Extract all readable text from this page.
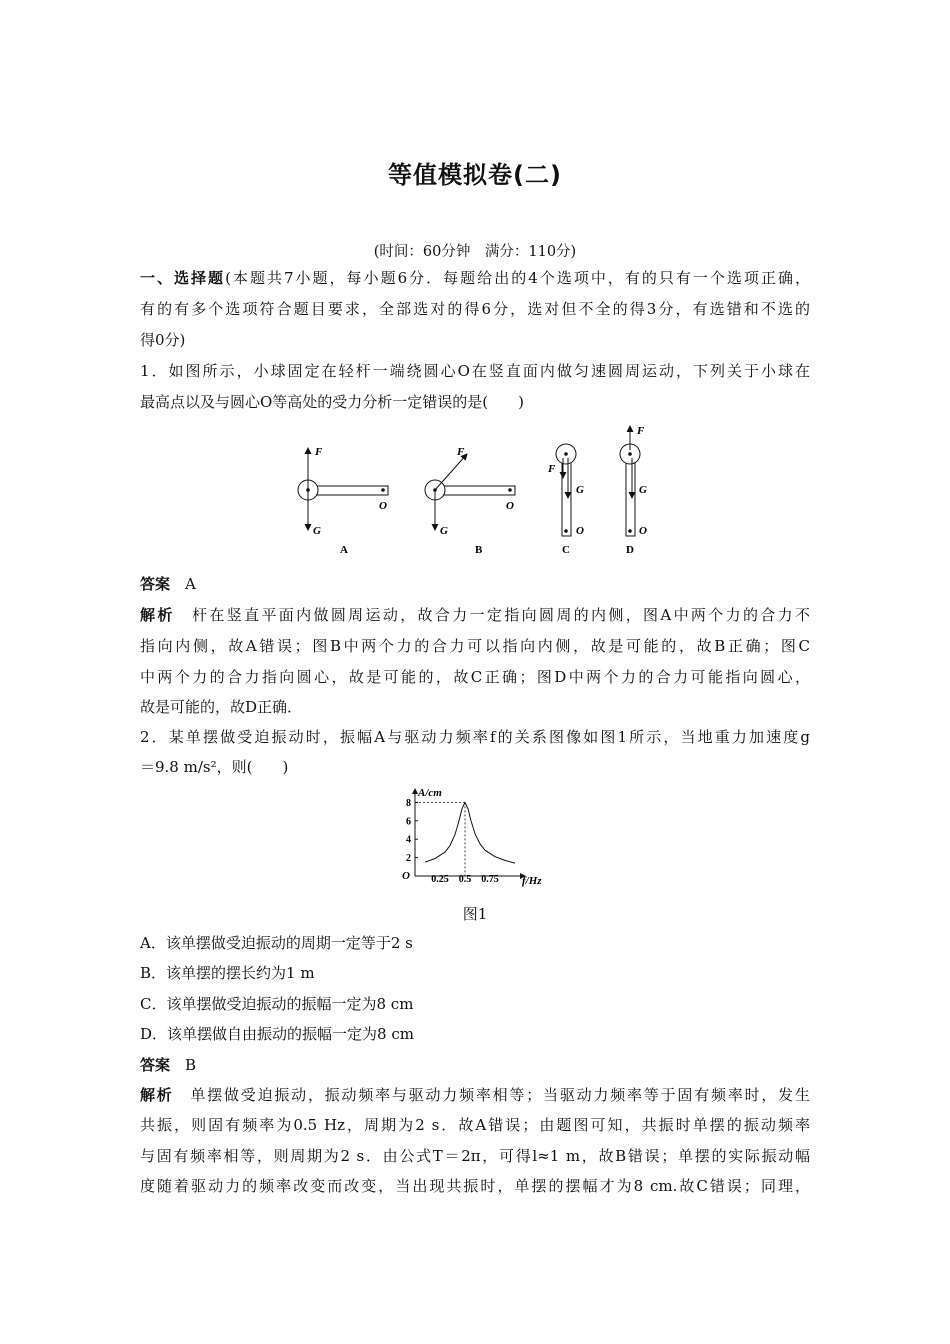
等值模拟卷(二)
(时间：60分钟　满分：110分)
一、选择题(本题共7小题，每小题6分．每题给出的4个选项中，有的只有一个选项正确，
有的有多个选项符合题目要求，全部选对的得6分，选对但不全的得3分，有选错和不选的
得0分)
1．如图所示，小球固定在轻杆一端绕圆心O在竖直面内做匀速圆周运动，下列关于小球在
最高点以及与圆心O等高处的受力分析一定错误的是(　　)
F
G
O
A
F
G
O
B
F
G
O
C
F
G
O
D
答案　 A
解析　 杆在竖直平面内做圆周运动，故合力一定指向圆周的内侧，图A中两个力的合力不
指向内侧，故A错误；图B中两个力的合力可以指向内侧，故是可能的，故B正确；图C
中两个力的合力指向圆心，故是可能的，故C正确；图D中两个力的合力可能指向圆心，
故是可能的，故D正确．
2．某单摆做受迫振动时，振幅A与驱动力频率f的关系图像如图1所示，当地重力加速度g
＝9.8 m/s²，则(　　)
A/cm
f/Hz
O 0.25 0.5 0.75
2
4
6
8
图1
A．该单摆做受迫振动的周期一定等于2 s
B．该单摆的摆长约为1 m
C．该单摆做受迫振动的振幅一定为8 cm
D．该单摆做自由振动的振幅一定为8 cm
答案　 B
解析　 单摆做受迫振动，振动频率与驱动力频率相等；当驱动力频率等于固有频率时，发生
共振，则固有频率为0.5 Hz，周期为2 s．故A错误；由题图可知，共振时单摆的振动频率
与固有频率相等，则周期为2 s．由公式T＝2π，可得l≈1 m，故B错误；单摆的实际振动幅
度随着驱动力的频率改变而改变，当出现共振时，单摆的摆幅才为8 cm.故C错误；同理，
